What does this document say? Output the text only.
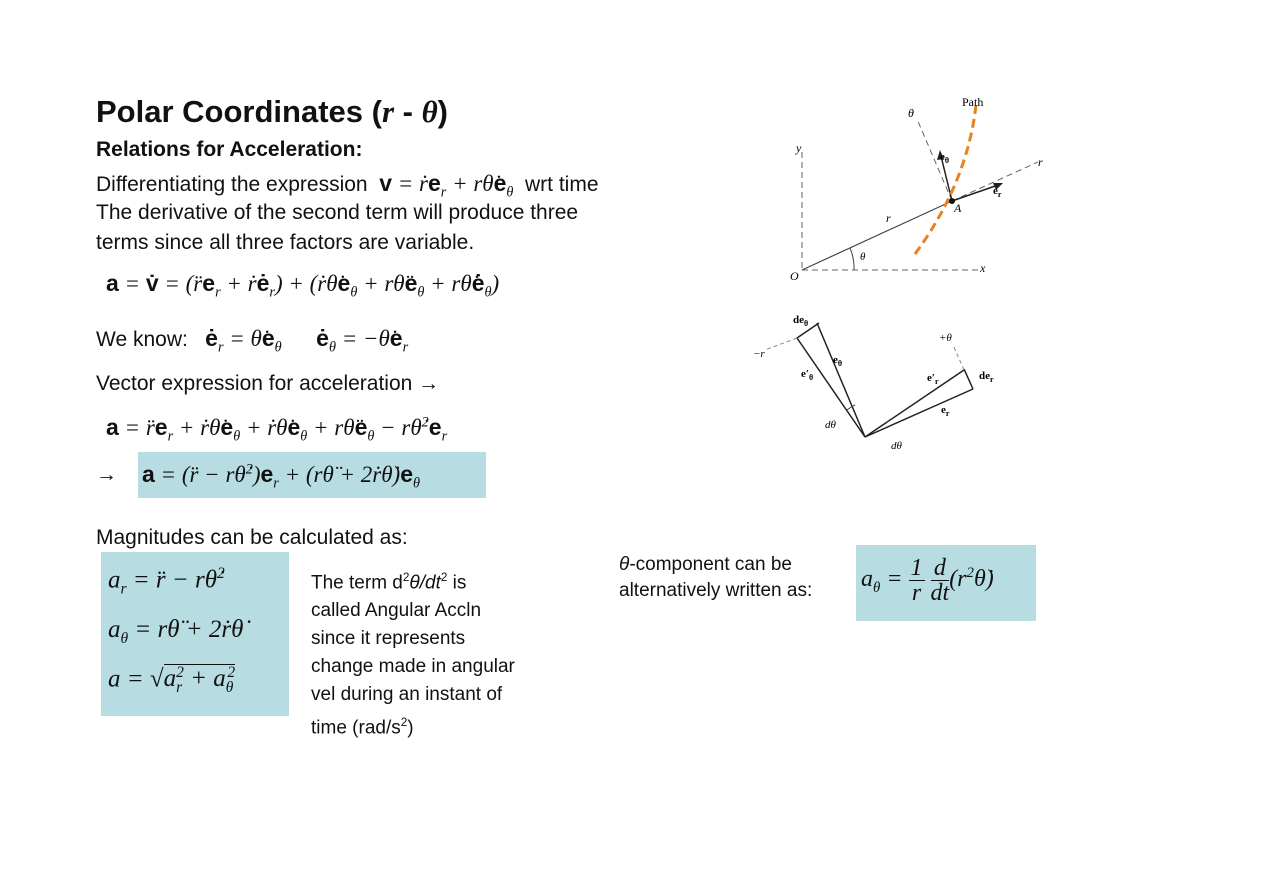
Polar Coordinates (r - θ)
Relations for Acceleration:
Differentiating the expression $v = ṙe_r$ + $r\thetȧe_\theta$ wrt time
The derivative of the second term will produce three
terms since all three factors are variable.
a = v̇ = ($r̈e_r$ + $ṙė_r$) + ($ṙ\thetȧe_\theta$ + $r\thetäe_\theta$ + $r\thetȧė_\theta$)
We know: $ė_r$ = $\thetȧe_\theta$ $ė_\theta$ = $-\thetȧe_r$
Vector expression for acceleration →
$a = r̈e_r$ + $ṙ\thetȧe_\theta$ + $ṙ\thetȧe_\theta$ + $r\thetäe_\theta$ − $r\thetȧ^2e_r$
→ a = (r̈ − $r\thetȧ^2)e_r$ + (rθ̈ + $2ṙ\thetȧ)e_\theta$
Magnitudes can be calculated as:
$a_r$ = r̈ − rθ̇$^2$
$a_\theta$ = rθ̈ + 2ṙθ̇
$a = √a_r^2 + a_\theta^2$
The term $d^2\theta/dt^2$ is
called Angular Accln
since it represents
change made in angular
vel during an instant of
time $(rad/s^2)$
θ-component can be
alternatively written as: $a_\theta = \frac{1}{r}$
$\frac{d}{dt}$ $(r^2\thetȧ)$
Path
θ
y
$e_\theta$	r
$e_r$
A
r
θ
O
x
$de_\theta$
−r	$e_\theta$
$e'_\theta$
+θ
$e'_r$	$de_r$
$e_r$
dθ
dθ
